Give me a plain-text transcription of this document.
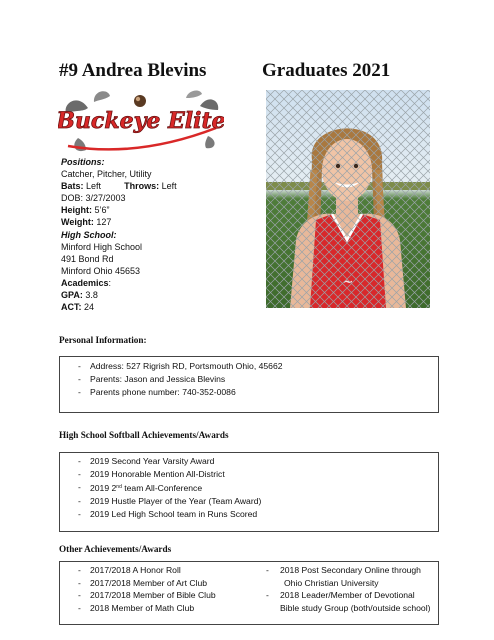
#9 Andrea Blevins	Graduates 2021
Buckeye Elite
Positions:
Catcher, Pitcher, Utility
Bats: Left	Throws: Left
DOB: 3/27/2003
Height: 5’6”
Weight: 127
High School:
Minford High School
491 Bond Rd
Minford Ohio 45653
Academics:
GPA: 3.8
ACT: 24
Personal Information:
- Address: 527 Rigrish RD, Portsmouth Ohio, 45662
- Parents: Jason and Jessica Blevins
- Parents phone number: 740-352-0086
High School Softball Achievements/Awards
- 2019 Second Year Varsity Award
- 2019 Honorable Mention All-District
- 2019 2nd team All-Conference
- 2019 Hustle Player of the Year (Team Award)
- 2019 Led High School team in Runs Scored
Other Achievements/Awards
- 2017/2018 A Honor Roll
- 2017/2018 Member of Art Club
- 2017/2018 Member of Bible Club
- 2018 Member of Math Club
- 2018 Post Secondary Online through
Ohio Christian University
- 2018 Leader/Member of Devotional
Bible study Group (both/outside school)
